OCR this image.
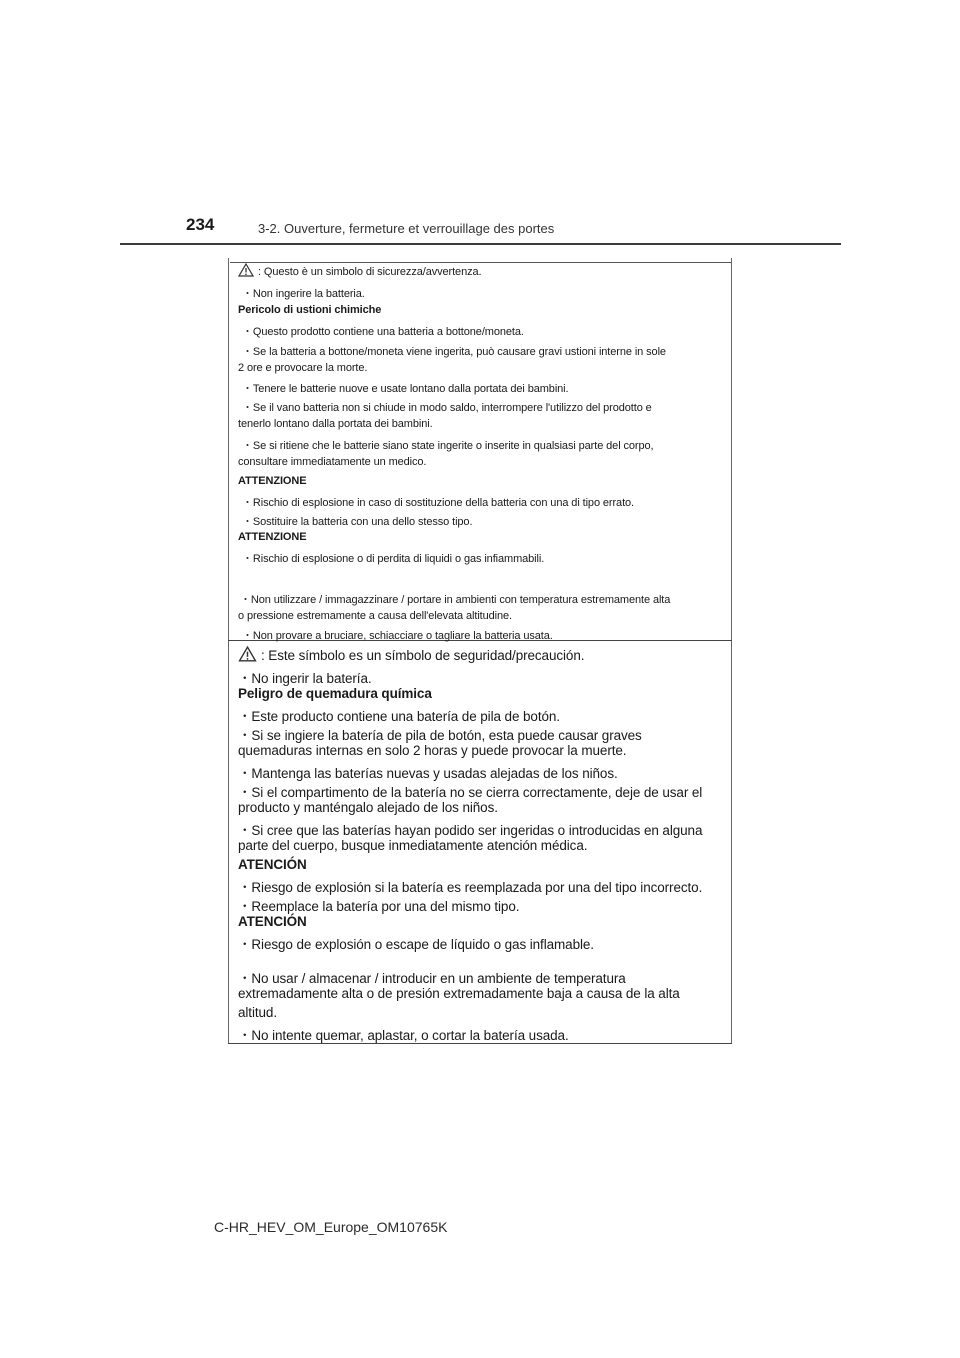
234	3-2. Ouverture, fermeture et verrouillage des portes
: Questo è un simbolo di sicurezza/avvertenza.
・Non ingerire la batteria.
Pericolo di ustioni chimiche
・Questo prodotto contiene una batteria a bottone/moneta.
・Se la batteria a bottone/moneta viene ingerita, può causare gravi ustioni interne in sole
2 ore e provocare la morte.
・Tenere le batterie nuove e usate lontano dalla portata dei bambini.
・Se il vano batteria non si chiude in modo saldo, interrompere l'utilizzo del prodotto e
tenerlo lontano dalla portata dei bambini.
・Se si ritiene che le batterie siano state ingerite o inserite in qualsiasi parte del corpo,
consultare immediatamente un medico.
ATTENZIONE
・Rischio di esplosione in caso di sostituzione della batteria con una di tipo errato.
・Sostituire la batteria con una dello stesso tipo.
ATTENZIONE
・Rischio di esplosione o di perdita di liquidi o gas infiammabili.
・Non utilizzare / immagazzinare / portare in ambienti con temperatura estremamente alta
o pressione estremamente a causa dell'elevata altitudine.
・Non provare a bruciare, schiacciare o tagliare la batteria usata.
: Este símbolo es un símbolo de seguridad/precaución.
・No ingerir la batería.
Peligro de quemadura química
・Este producto contiene una batería de pila de botón.
・Si se ingiere la batería de pila de botón, esta puede causar graves
quemaduras internas en solo 2 horas y puede provocar la muerte.
・Mantenga las baterías nuevas y usadas alejadas de los niños.
・Si el compartimento de la batería no se cierra correctamente, deje de usar el
producto y manténgalo alejado de los niños.
・Si cree que las baterías hayan podido ser ingeridas o introducidas en alguna
parte del cuerpo, busque inmediatamente atención médica.
ATENCIÓN
・Riesgo de explosión si la batería es reemplazada por una del tipo incorrecto.
・Reemplace la batería por una del mismo tipo.
ATENCIÓN
・Riesgo de explosión o escape de líquido o gas inflamable.
・No usar / almacenar / introducir en un ambiente de temperatura
extremadamente alta o de presión extremadamente baja a causa de la alta
altitud.
・No intente quemar, aplastar, o cortar la batería usada.
C-HR_HEV_OM_Europe_OM10765K
